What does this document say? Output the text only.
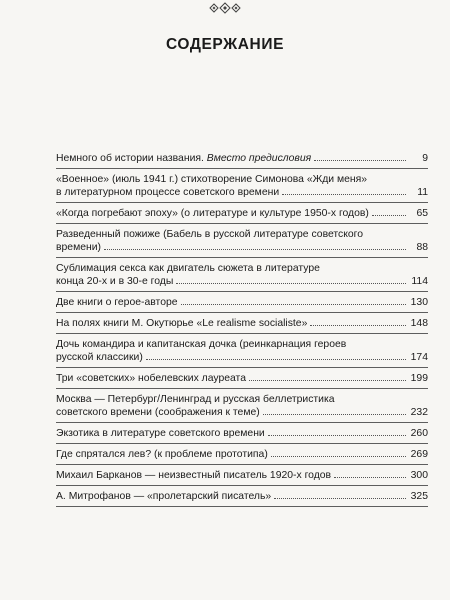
СОДЕРЖАНИЕ
Немного об истории названия. Вместо предисловия	9
«Военное» (июль 1941 г.) стихотворение Симонова «Жди меня»
в литературном процессе советского времени	11
«Когда погребают эпоху» (о литературе и культуре 1950-х годов)	65
Разведенный пожиже (Бабель в русской литературе советского
времени)	88
Сублимация секса как двигатель сюжета в литературе
конца 20-х и в 30-е годы	114
Две книги о герое-авторе	130
На полях книги М. Окутюрье «Le realisme socialiste»	148
Дочь командира и капитанская дочка (реинкарнация героев
русской классики)	174
Три «советских» нобелевских лауреата	199
Москва — Петербург/Ленинград и русская беллетристика
советского времени (соображения к теме)	232
Экзотика в литературе советского времени	260
Где спрятался лев? (к проблеме прототипа)	269
Михаил Барканов — неизвестный писатель 1920-х годов	300
А. Митрофанов — «пролетарский писатель»	325
